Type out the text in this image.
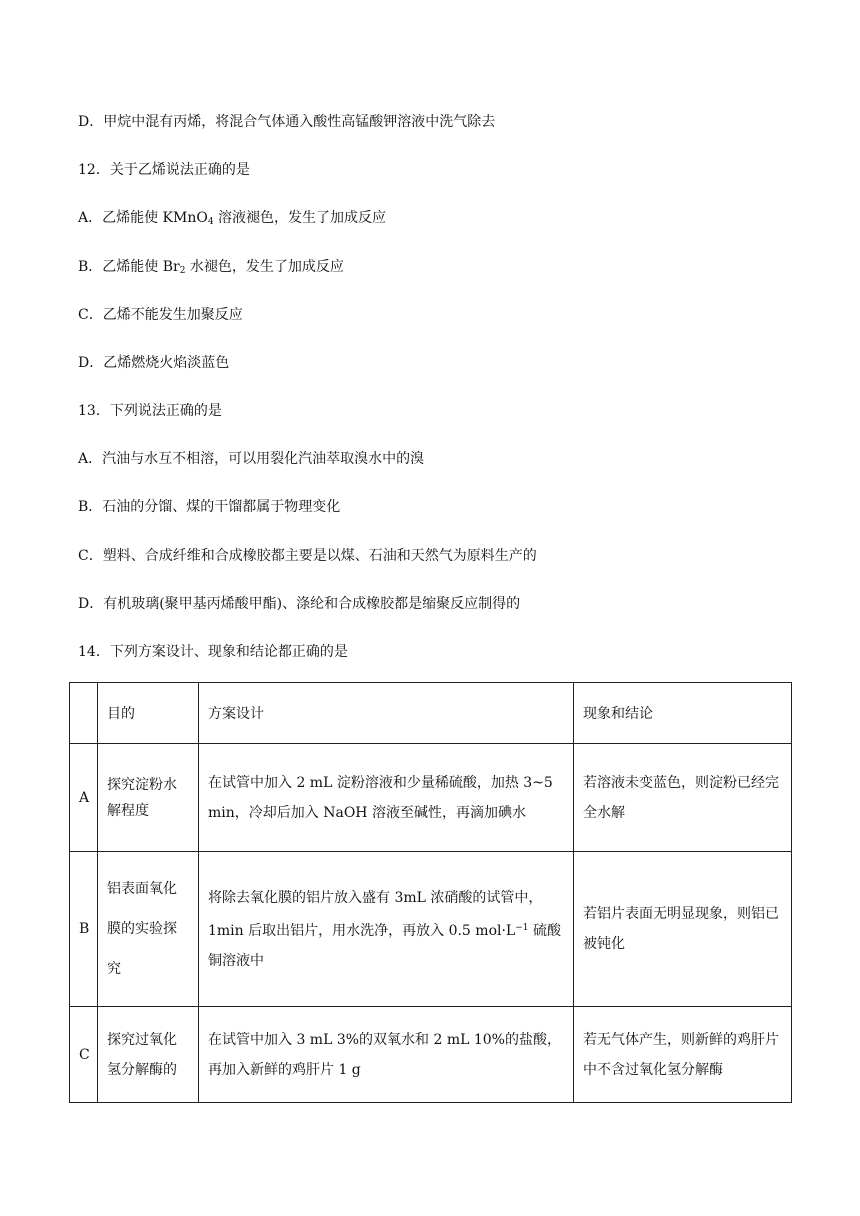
D．甲烷中混有丙烯，将混合气体通入酸性高锰酸钾溶液中洗气除去
12．关于乙烯说法正确的是
A．乙烯能使 KMnO$_4$ 溶液褪色，发生了加成反应
B．乙烯能使 $Br_2$ 水褪色，发生了加成反应
C．乙烯不能发生加聚反应
D．乙烯燃烧火焰淡蓝色
13．下列说法正确的是
A．汽油与水互不相溶，可以用裂化汽油萃取溴水中的溴
B．石油的分馏、煤的干馏都属于物理变化
C．塑料、合成纤维和合成橡胶都主要是以煤、石油和天然气为原料生产的
D．有机玻璃(聚甲基丙烯酸甲酯)、涤纶和合成橡胶都是缩聚反应制得的
14．下列方案设计、现象和结论都正确的是
	目的	方案设计	现象和结论
A	探究淀粉水解程度	在试管中加入 2 mL 淀粉溶液和少量稀硫酸，加热 3~5 min，冷却后加入 NaOH 溶液至碱性，再滴加碘水	若溶液未变蓝色，则淀粉已经完全水解
B	铝表面氧化膜的实验探究	将除去氧化膜的铝片放入盛有 3mL 浓硝酸的试管中，1min 后取出铝片，用水洗净，再放入 0.5 $mol\cdot L^{-1}$ 硫酸铜溶液中	若铝片表面无明显现象，则铝已被钝化
C	探究过氧化氢分解酶的	在试管中加入 3 mL 3%的双氧水和 2 mL 10%的盐酸，再加入新鲜的鸡肝片 1 g	若无气体产生，则新鲜的鸡肝片中不含过氧化氢分解酶
